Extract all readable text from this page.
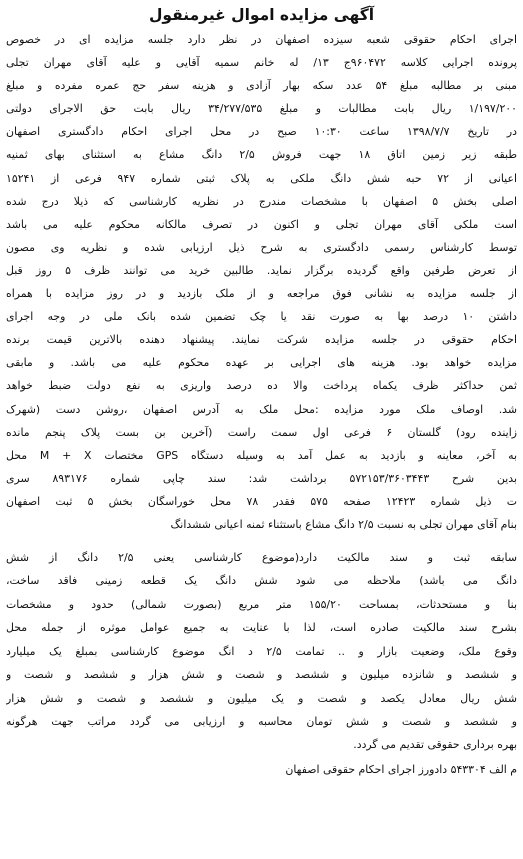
آگهی مزایده اموال غیرمنقول
اجرای احکام حقوقی شعبه سیزده اصفهان در نظر دارد جلسه مزایده ای در خصوص
پرونده اجرایی کلاسه ۹۶۰۴۷۲ج ۱۳/ له خانم سمیه آقایی و علیه آقای مهران تجلی
مبنی بر مطالبه مبلغ ۵۴ عدد سکه بهار آزادی و هزینه سفر حج عمره مفرده و مبلغ
۱/۱۹۷/۲۰۰ ریال بابت مطالبات و مبلغ ۳۴/۲۷۷/۵۳۵ ریال بابت حق الاجرای دولتی
در تاریخ ۱۳۹۸/۷/۷ ساعت ۱۰:۳۰ صبح در محل اجرای احکام دادگستری اصفهان
طبقه زیر زمین اتاق ۱۸ جهت فروش ۲/۵ دانگ مشاع به استثنای بهای ثمنیه
اعیانی از ۷۲ حبه شش دانگ ملکی به پلاک ثبتی شماره ۹۴۷ فرعی از ۱۵۲۴۱
اصلی بخش ۵ اصفهان با مشخصات مندرج در نظریه کارشناسی که ذیلا درج شده
است ملکی آقای مهران تجلی و اکنون در تصرف مالکانه محکوم علیه می باشد
توسط کارشناس رسمی دادگستری به شرح ذیل ارزیابی شده و نظریه وی مصون
از تعرض طرفین واقع گردیده برگزار نماید. طالبین خرید می توانند ظرف ۵ روز قبل
از جلسه مزایده به نشانی فوق مراجعه و از ملک بازدید و در روز مزایده با همراه
داشتن ۱۰ درصد بها به صورت نقد یا چک تضمین شده بانک ملی در وجه اجرای
احکام حقوقی در جلسه مزایده شرکت نمایند. پیشنهاد دهنده بالاترین قیمت برنده
مزایده خواهد بود. هزینه های اجرایی بر عهده محکوم علیه می باشد. و مابقی
ثمن حداکثر ظرف یکماه پرداخت والا ده درصد واریزی به نفع دولت ضبط خواهد
شد. اوصاف ملک مورد مزایده :محل ملک به آدرس اصفهان ،روشن دست (شهرک
زاینده رود) گلستان ۶ فرعی اول سمت راست (آخرین بن بست پلاک پنجم مانده
به آخر، معاینه و بازدید به عمل آمد به وسیله دستگاه GPS مختصات M + X محل
بدین شرح ۵۷۲۱۵۳/۳۶۰۳۴۴۳ برداشت شد: سند چاپی شماره ۸۹۳۱۷۶ سری
ت ذیل شماره ۱۲۴۲۳ صفحه ۵۷۵ فقدر ۷۸ محل خوراسگان بخش ۵ ثبت اصفهان
بنام آقای مهران تجلی به نسبت ۲/۵ دانگ مشاع باستثناء ثمنه اعیانی ششدانگ
سابقه ثبت و سند مالکیت دارد(موضوع کارشناسی یعنی ۲/۵ دانگ از شش
دانگ می باشد) ملاحظه می شود شش دانگ یک قطعه زمینی فاقد ساخت،
بنا و مستحدثات، بمساحت ۱۵۵/۲۰ متر مربع (بصورت شمالی) حدود و مشخصات
بشرح سند مالکیت صادره است، لذا با عنایت به جمیع عوامل موثره از جمله محل
وقوع ملک، وضعیت بازار و .. تمامت ۲/۵ د انگ موضوع کارشناسی بمبلغ یک میلیارد
و ششصد و شانزده میلیون و ششصد و شصت و شش هزار و ششصد و شصت و
شش ریال معادل یکصد و شصت و یک میلیون و ششصد و شصت و شش هزار
و ششصد و شصت و شش تومان محاسبه و ارزیابی می گردد مراتب جهت هرگونه
بهره برداری حقوقی تقدیم می گردد.
م الف ۵۴۳۳۰۴ دادورز اجرای احکام حقوقی اصفهان
